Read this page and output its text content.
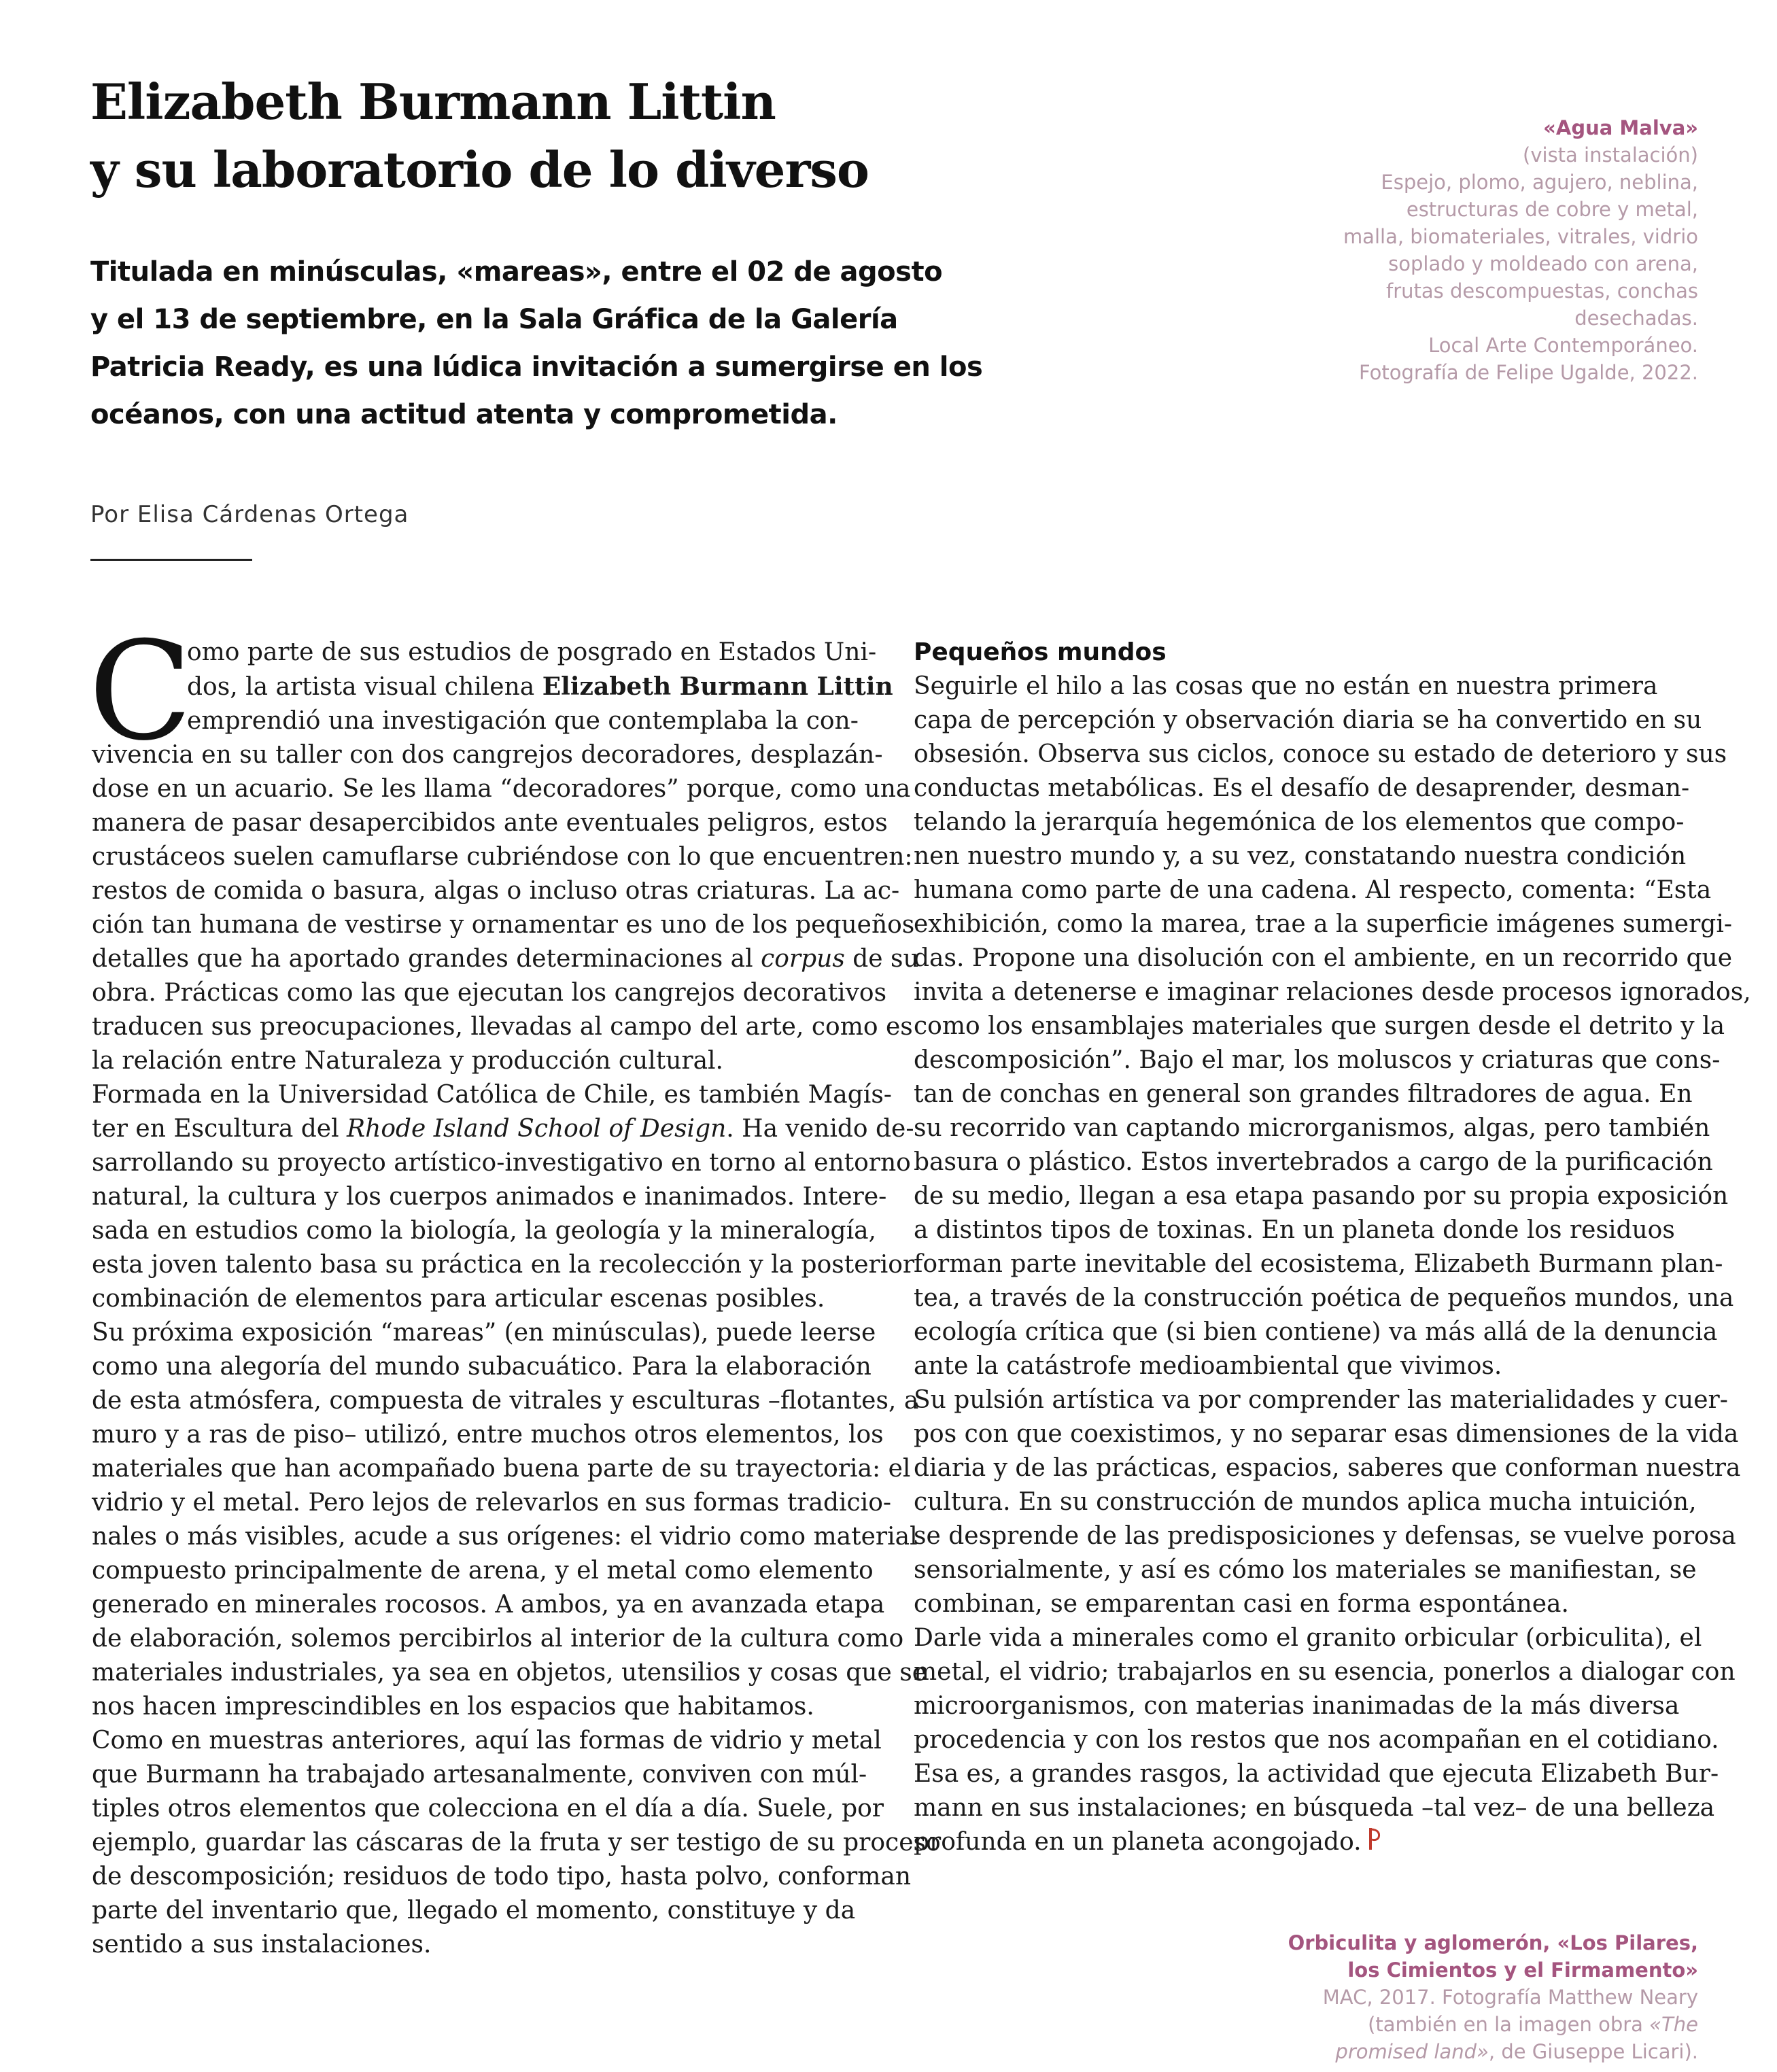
Elizabeth Burmann Littin
y su laboratorio de lo diverso
Titulada en minúsculas, «mareas», entre el 02 de agosto
y el 13 de septiembre, en la Sala Gráfica de la Galería
Patricia Ready, es una lúdica invitación a sumergirse en los
océanos, con una actitud atenta y comprometida.
Por Elisa Cárdenas Ortega
«Agua Malva»
(vista instalación)
Espejo, plomo, agujero, neblina,
estructuras de cobre y metal,
malla, biomateriales, vitrales, vidrio
soplado y moldeado con arena,
frutas descompuestas, conchas
desechadas.
Local Arte Contemporáneo.
Fotografía de Felipe Ugalde, 2022.
C
omo parte de sus estudios de posgrado en Estados Uni-
dos, la artista visual chilena Elizabeth Burmann Littin
emprendió una investigación que contemplaba la con-
vivencia en su taller con dos cangrejos decoradores, desplazán-
dose en un acuario. Se les llama “decoradores” porque, como una
manera de pasar desapercibidos ante eventuales peligros, estos
crustáceos suelen camuflarse cubriéndose con lo que encuentren:
restos de comida o basura, algas o incluso otras criaturas. La ac-
ción tan humana de vestirse y ornamentar es uno de los pequeños
detalles que ha aportado grandes determinaciones al corpus de su
obra. Prácticas como las que ejecutan los cangrejos decorativos
traducen sus preocupaciones, llevadas al campo del arte, como es
la relación entre Naturaleza y producción cultural.
Formada en la Universidad Católica de Chile, es también Magís-
ter en Escultura del Rhode Island School of Design. Ha venido de-
sarrollando su proyecto artístico-investigativo en torno al entorno
natural, la cultura y los cuerpos animados e inanimados. Intere-
sada en estudios como la biología, la geología y la mineralogía,
esta joven talento basa su práctica en la recolección y la posterior
combinación de elementos para articular escenas posibles.
Su próxima exposición “mareas” (en minúsculas), puede leerse
como una alegoría del mundo subacuático. Para la elaboración
de esta atmósfera, compuesta de vitrales y esculturas –flotantes, a
muro y a ras de piso– utilizó, entre muchos otros elementos, los
materiales que han acompañado buena parte de su trayectoria: el
vidrio y el metal. Pero lejos de relevarlos en sus formas tradicio-
nales o más visibles, acude a sus orígenes: el vidrio como material
compuesto principalmente de arena, y el metal como elemento
generado en minerales rocosos. A ambos, ya en avanzada etapa
de elaboración, solemos percibirlos al interior de la cultura como
materiales industriales, ya sea en objetos, utensilios y cosas que se
nos hacen imprescindibles en los espacios que habitamos.
Como en muestras anteriores, aquí las formas de vidrio y metal
que Burmann ha trabajado artesanalmente, conviven con múl-
tiples otros elementos que colecciona en el día a día. Suele, por
ejemplo, guardar las cáscaras de la fruta y ser testigo de su proceso
de descomposición; residuos de todo tipo, hasta polvo, conforman
parte del inventario que, llegado el momento, constituye y da
sentido a sus instalaciones.
Pequeños mundos
Seguirle el hilo a las cosas que no están en nuestra primera
capa de percepción y observación diaria se ha convertido en su
obsesión. Observa sus ciclos, conoce su estado de deterioro y sus
conductas metabólicas. Es el desafío de desaprender, desman-
telando la jerarquía hegemónica de los elementos que compo-
nen nuestro mundo y, a su vez, constatando nuestra condición
humana como parte de una cadena. Al respecto, comenta: “Esta
exhibición, como la marea, trae a la superficie imágenes sumergi-
das. Propone una disolución con el ambiente, en un recorrido que
invita a detenerse e imaginar relaciones desde procesos ignorados,
como los ensamblajes materiales que surgen desde el detrito y la
descomposición”. Bajo el mar, los moluscos y criaturas que cons-
tan de conchas en general son grandes filtradores de agua. En
su recorrido van captando microrganismos, algas, pero también
basura o plástico. Estos invertebrados a cargo de la purificación
de su medio, llegan a esa etapa pasando por su propia exposición
a distintos tipos de toxinas. En un planeta donde los residuos
forman parte inevitable del ecosistema, Elizabeth Burmann plan-
tea, a través de la construcción poética de pequeños mundos, una
ecología crítica que (si bien contiene) va más allá de la denuncia
ante la catástrofe medioambiental que vivimos.
Su pulsión artística va por comprender las materialidades y cuer-
pos con que coexistimos, y no separar esas dimensiones de la vida
diaria y de las prácticas, espacios, saberes que conforman nuestra
cultura. En su construcción de mundos aplica mucha intuición,
se desprende de las predisposiciones y defensas, se vuelve porosa
sensorialmente, y así es cómo los materiales se manifiestan, se
combinan, se emparentan casi en forma espontánea.
Darle vida a minerales como el granito orbicular (orbiculita), el
metal, el vidrio; trabajarlos en su esencia, ponerlos a dialogar con
microorganismos, con materias inanimadas de la más diversa
procedencia y con los restos que nos acompañan en el cotidiano.
Esa es, a grandes rasgos, la actividad que ejecuta Elizabeth Bur-
mann en sus instalaciones; en búsqueda –tal vez– de una belleza
profunda en un planeta acongojado.
Orbiculita y aglomerón, «Los Pilares,
los Cimientos y el Firmamento»
MAC, 2017. Fotografía Matthew Neary
(también en la imagen obra «The
promised land», de Giuseppe Licari).
